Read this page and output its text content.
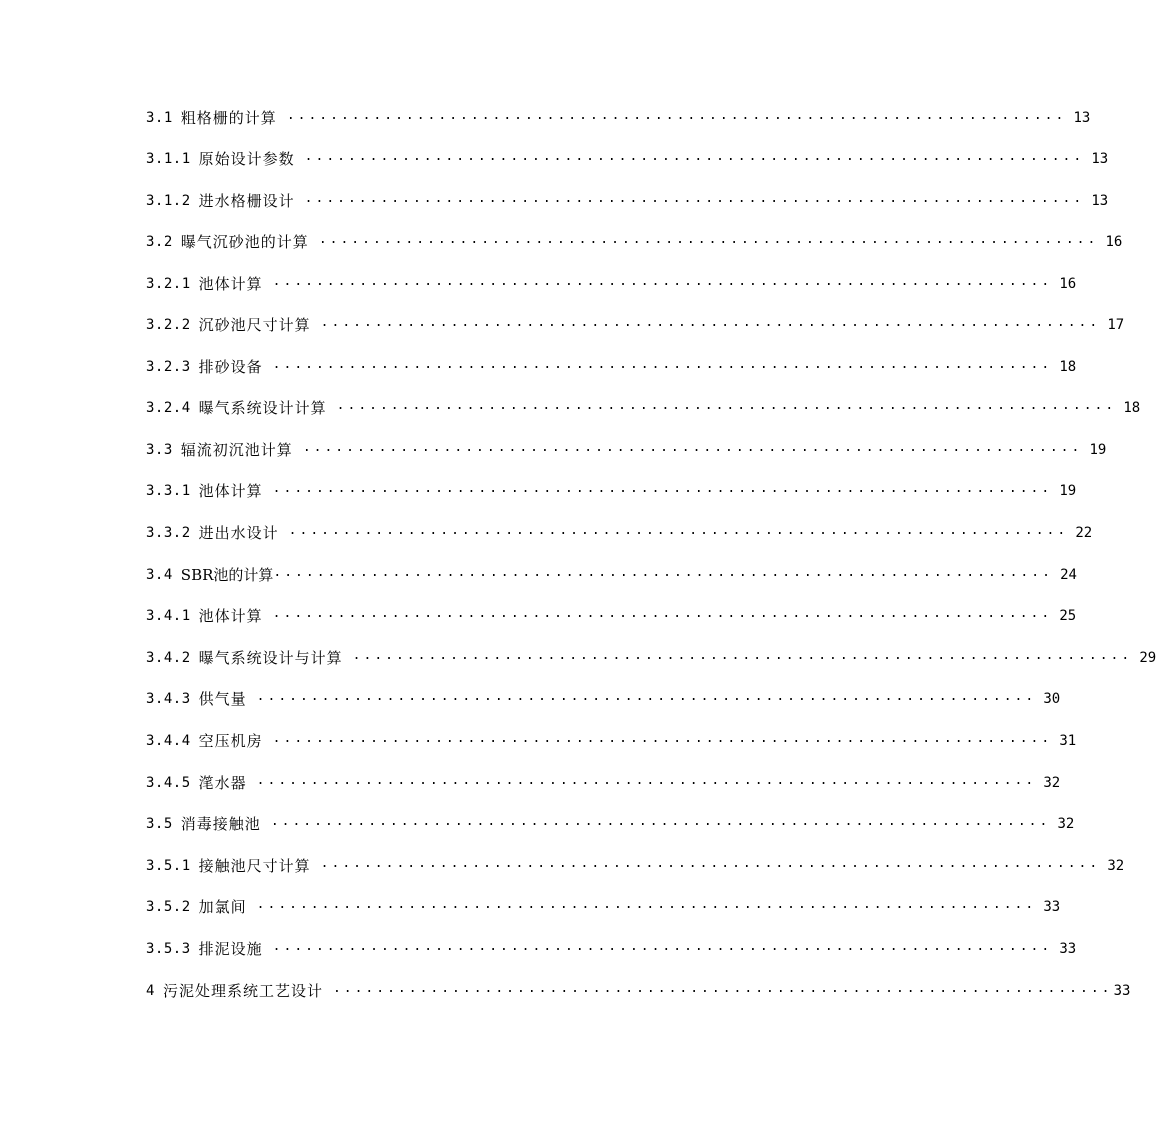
3.1 粗格栅的计算 ........................................................................ 13
3.1.1 原始设计参数 ........................................................................ 13
3.1.2 进水格栅设计 ........................................................................ 13
3.2 曝气沉砂池的计算 ........................................................................ 16
3.2.1 池体计算 ........................................................................ 16
3.2.2 沉砂池尺寸计算 ........................................................................ 17
3.2.3 排砂设备 ........................................................................ 18
3.2.4 曝气系统设计计算 ........................................................................ 18
3.3 辐流初沉池计算 ........................................................................ 19
3.3.1 池体计算 ........................................................................ 19
3.3.2 进出水设计 ........................................................................ 22
3.4 SBR池的计算 ........................................................................ 24
3.4.1 池体计算 ........................................................................ 25
3.4.2 曝气系统设计与计算 ........................................................................ 29
3.4.3 供气量 ........................................................................ 30
3.4.4 空压机房 ........................................................................ 31
3.4.5 滗水器 ........................................................................ 32
3.5 消毒接触池 ........................................................................ 32
3.5.1 接触池尺寸计算 ........................................................................ 32
3.5.2 加氯间 ........................................................................ 33
3.5.3 排泥设施 ........................................................................ 33
4 污泥处理系统工艺设计 ........................................................................ 33
